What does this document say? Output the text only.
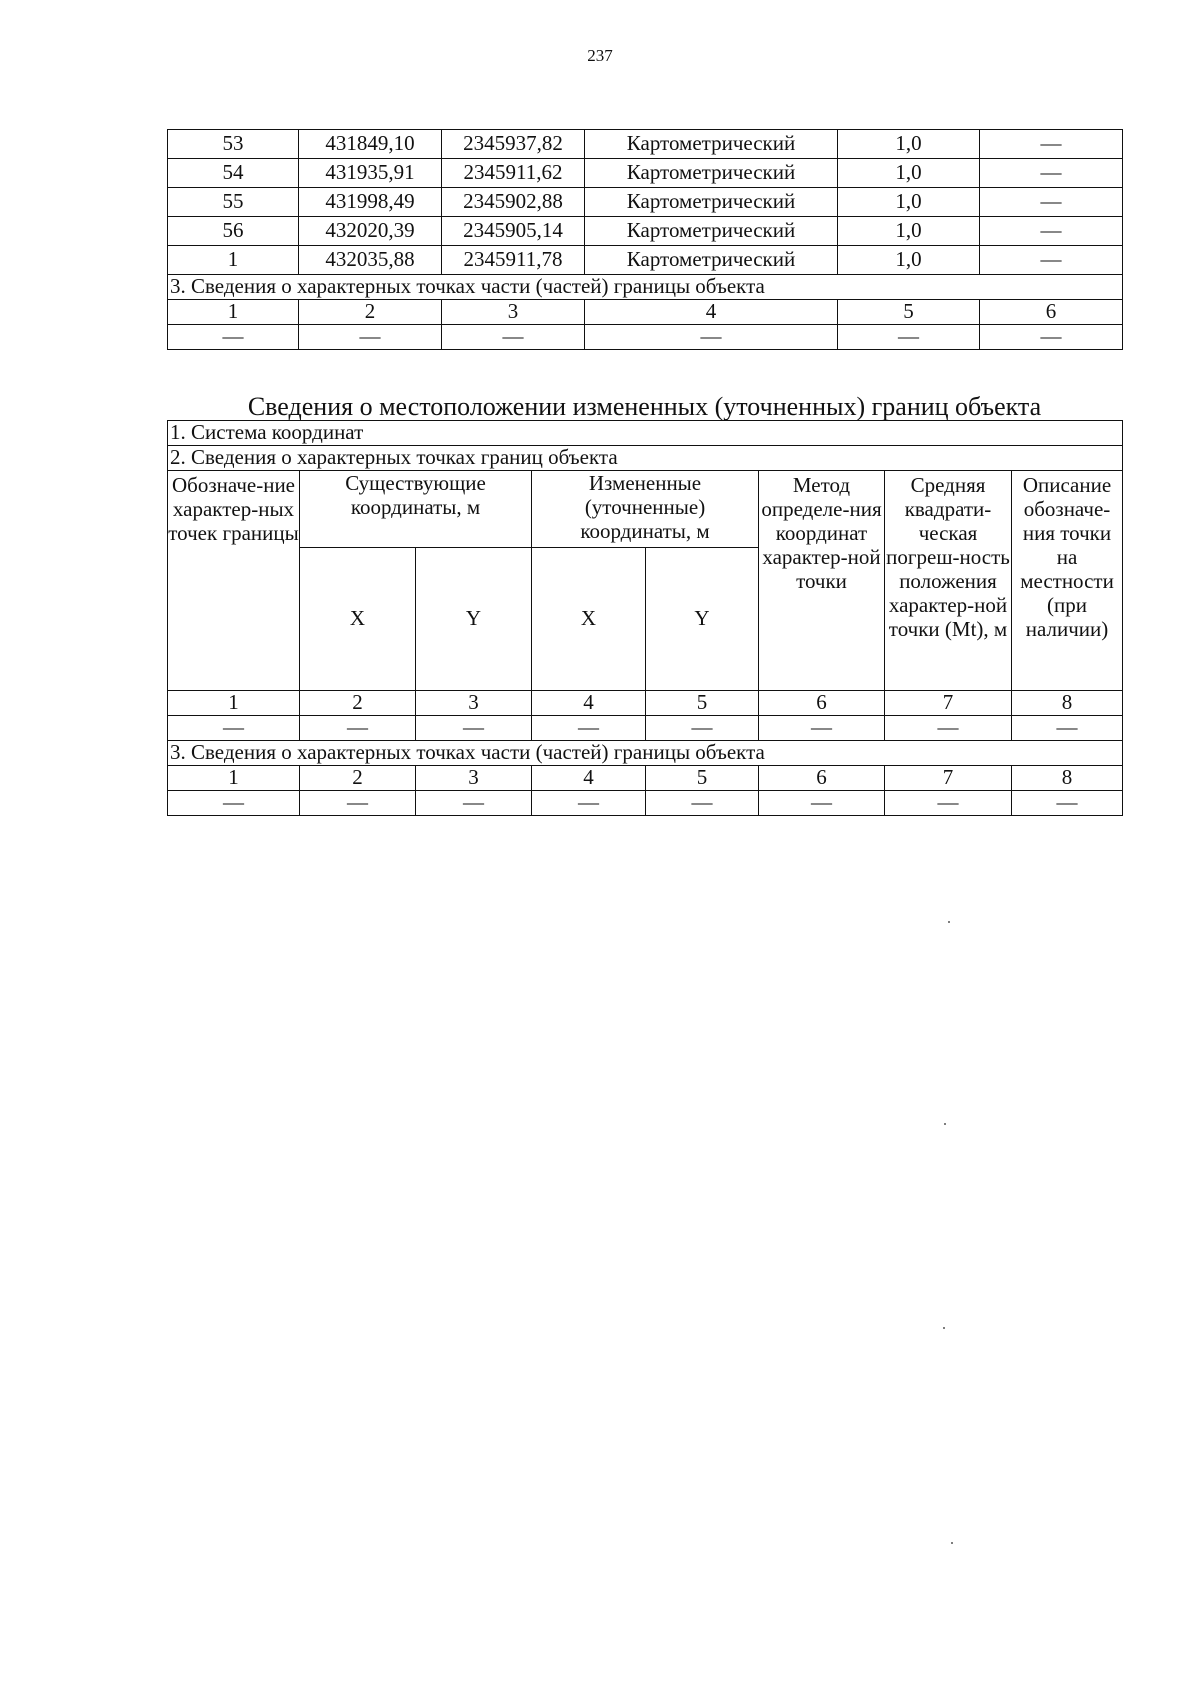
237
53	431849,10	2345937,82	Картометрический	1,0	—
54	431935,91	2345911,62	Картометрический	1,0	—
55	431998,49	2345902,88	Картометрический	1,0	—
56	432020,39	2345905,14	Картометрический	1,0	—
1	432035,88	2345911,78	Картометрический	1,0	—
3. Сведения о характерных точках части (частей) границы объекта					
1	2	3	4	5	6
—	—	—	—	—	—
Сведения о местоположении измененных (уточненных) границ объекта
1. Система координат							
2. Сведения о характерных точках границ объекта							
Обозначе-ние характер-ных точек границы	Существующие координаты, м		Измененные (уточненные) координаты, м		Метод определе-ния координат характер-ной точки	Средняя квадрати-ческая погреш-ность положения характер-ной точки (Mt), м	Описание обозначе-ния точки на местности (при наличии)
	X	Y	X	Y			
1	2	3	4	5	6	7	8
—	—	—	—	—	—	—	—
3. Сведения о характерных точках части (частей) границы объекта							
1	2	3	4	5	6	7	8
—	—	—	—	—	—	—	—
